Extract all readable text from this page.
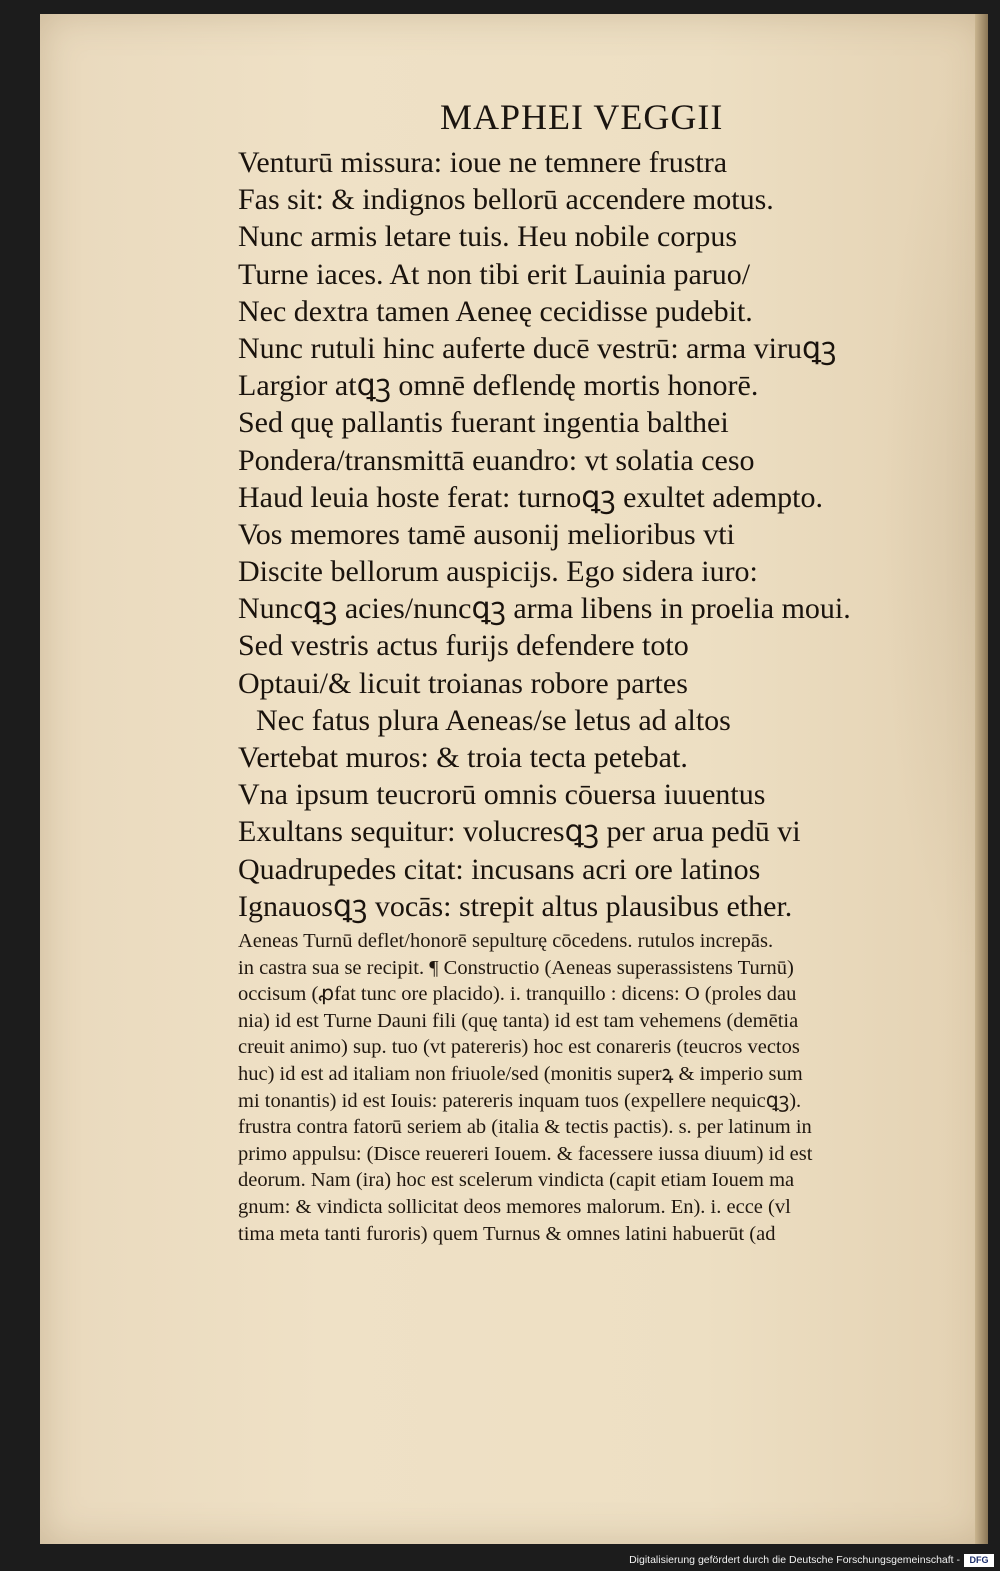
MAPHEI VEGGII
Venturū missura: ioue ne temnere frustra
Fas sit: & indignos bellorū accendere motus.
Nunc armis letare tuis. Heu nobile corpus
Turne iaces. At non tibi erit Lauinia paruo/
Nec dextra tamen Aeneę cecidisse pudebit.
Nunc rutuli hinc auferte ducē vestrū: arma viruꝗꝫ
Largior atꝗꝫ omnē deflendę mortis honorē.
Sed quę pallantis fuerant ingentia balthei
Pondera/transmittā euandro: vt solatia ceso
Haud leuia hoste ferat: turnoꝗꝫ exultet adempto.
Vos memores tamē ausonij melioribus vti
Discite bellorum auspicijs. Ego sidera iuro:
Nuncꝗꝫ acies/nuncꝗꝫ arma libens in proelia moui.
Sed vestris actus furijs defendere toto
Optaui/& licuit troianas robore partes
Nec fatus plura Aeneas/se letus ad altos
Vertebat muros: & troia tecta petebat.
Vna ipsum teucrorū omnis cōuersa iuuentus
Exultans sequitur: volucresꝗꝫ per arua pedū vi
Quadrupedes citat: incusans acri ore latinos
Ignauosꝗꝫ vocās: strepit altus plausibus ether.
Aeneas Turnū deflet/honorē sepulturę cōcedens. rutulos increpās.
in castra sua se recipit. ¶ Constructio (Aeneas superassistens Turnū)
occisum (ꝓfat tunc ore placido). i. tranquillo : dicens: O (proles dau
nia) id est Turne Dauni fili (quę tanta) id est tam vehemens (demētia
creuit animo) sup. tuo (vt patereris) hoc est conareris (teucros vectos
huc) id est ad italiam non friuole/sed (monitis superꝝ & imperio sum
mi tonantis) id est Iouis: patereris inquam tuos (expellere nequicꝗꝫ).
frustra contra fatorū seriem ab (italia & tectis pactis). s. per latinum in
primo appulsu: (Disce reuereri Iouem. & facessere iussa diuum) id est
deorum. Nam (ira) hoc est scelerum vindicta (capit etiam Iouem ma
gnum: & vindicta sollicitat deos memores malorum. En). i. ecce (vl
tima meta tanti furoris) quem Turnus & omnes latini habuerūt (ad
Digitalisierung gefördert durch die Deutsche Forschungsgemeinschaft -	DFG
